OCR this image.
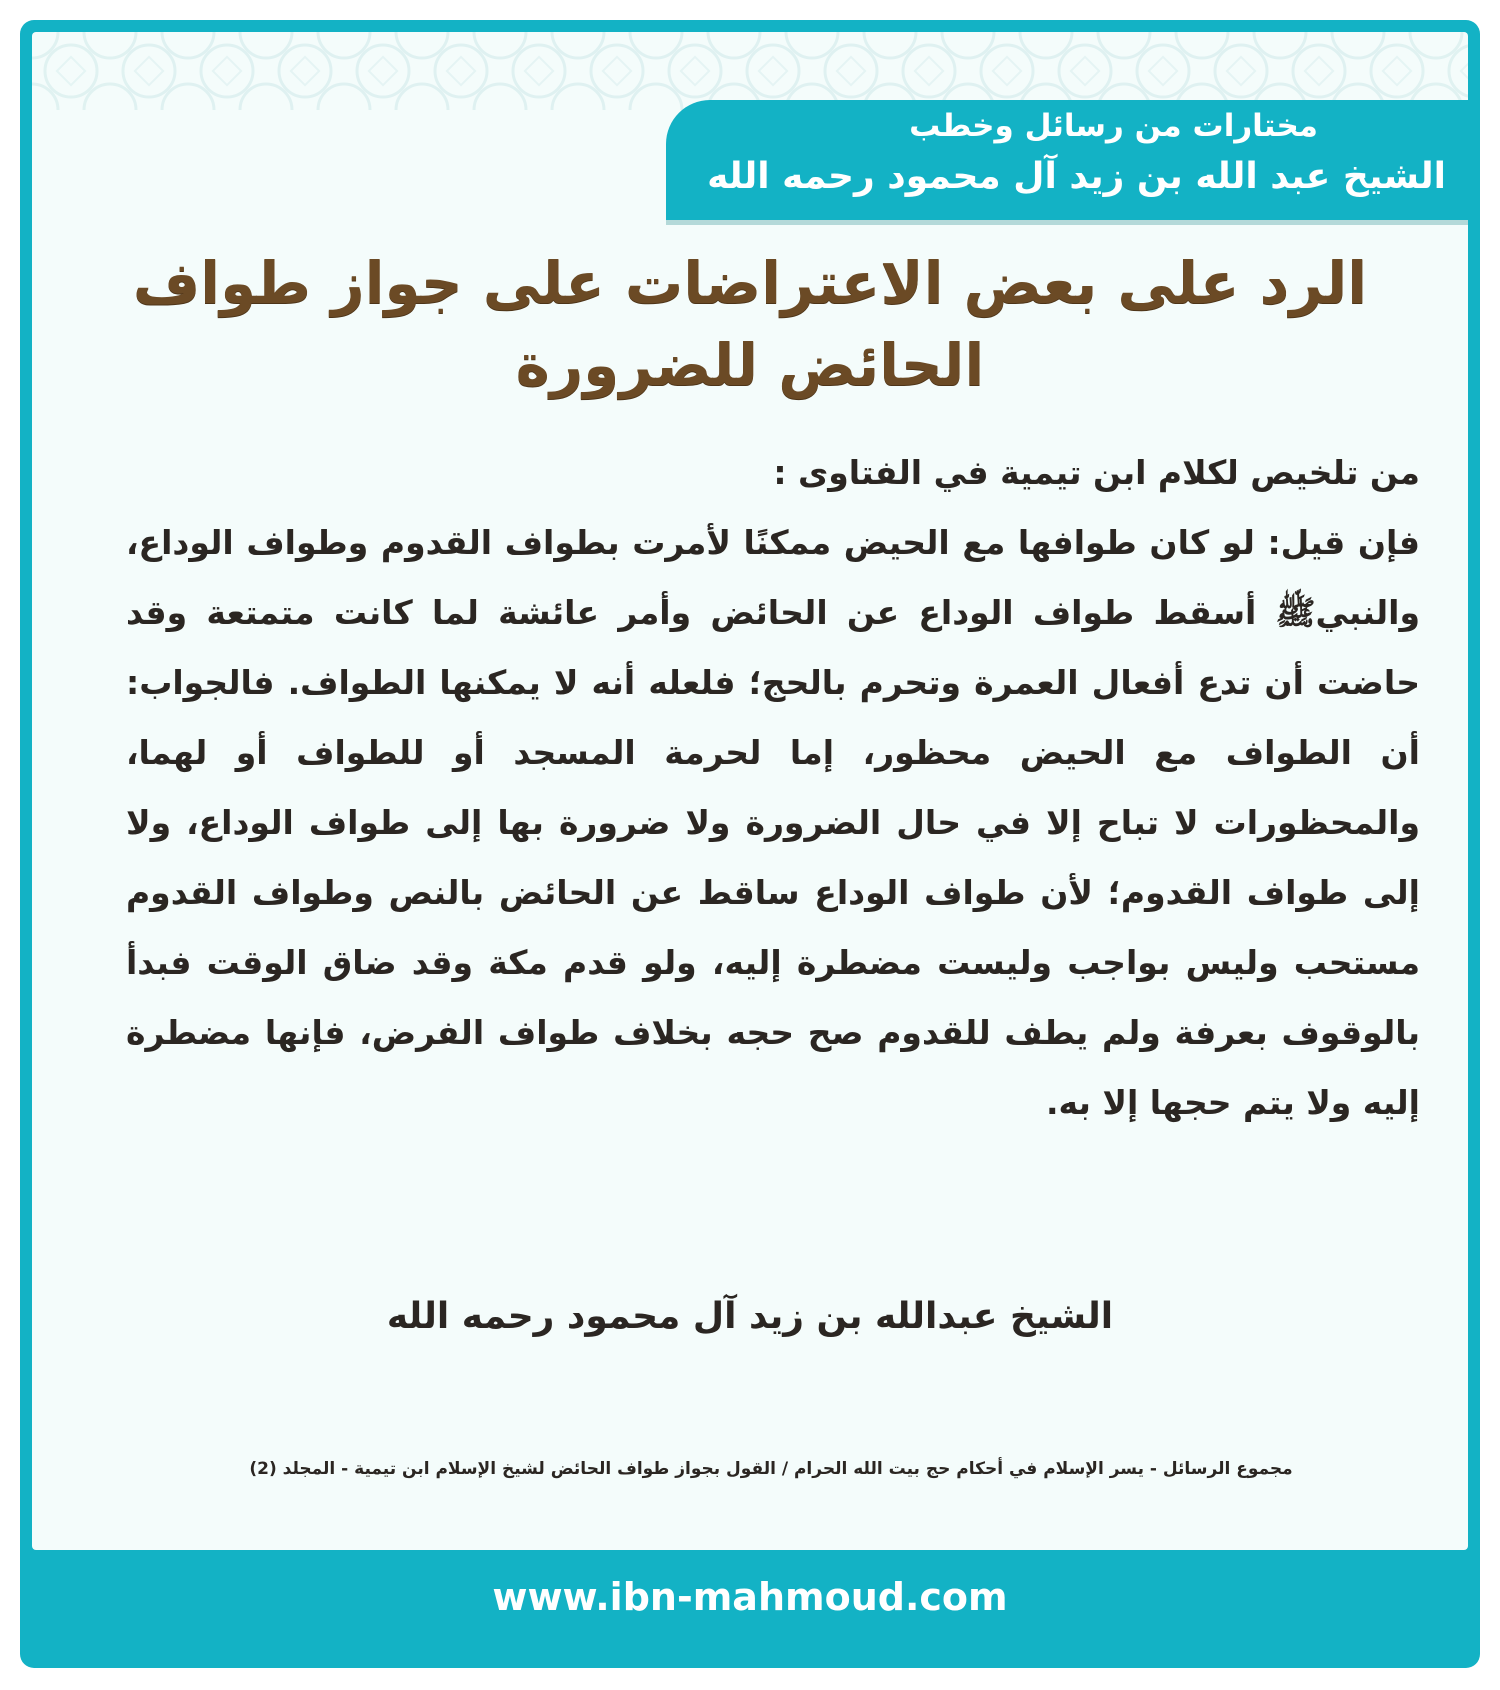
مختارات من رسائل وخطب
الشيخ عبد الله بن زيد آل محمود رحمه الله
الرد على بعض الاعتراضات على جواز طواف الحائض للضرورة

من تلخيص لكلام ابن تيمية في الفتاوى :

فإن قيل: لو كان طوافها مع الحيض ممكنًا لأمرت بطواف القدوم وطواف الوداع، والنبيﷺ أسقط طواف الوداع عن الحائض وأمر عائشة لما كانت متمتعة وقد حاضت أن تدع أفعال العمرة وتحرم بالحج؛ فلعله أنه لا يمكنها الطواف. فالجواب: أن الطواف مع الحيض محظور، إما لحرمة المسجد أو للطواف أو لهما، والمحظورات لا تباح إلا في حال الضرورة ولا ضرورة بها إلى طواف الوداع، ولا إلى طواف القدوم؛ لأن طواف الوداع ساقط عن الحائض بالنص وطواف القدوم مستحب وليس بواجب وليست مضطرة إليه، ولو قدم مكة وقد ضاق الوقت فبدأ بالوقوف بعرفة ولم يطف للقدوم صح حجه بخلاف طواف الفرض، فإنها مضطرة إليه ولا يتم حجها إلا به.

الشيخ عبدالله بن زيد آل محمود رحمه الله
مجموع الرسائل - يسر الإسلام في أحكام حج بيت الله الحرام / القول بجواز طواف الحائض لشيخ الإسلام ابن تيمية - المجلد (2)
www.ibn-mahmoud.com
